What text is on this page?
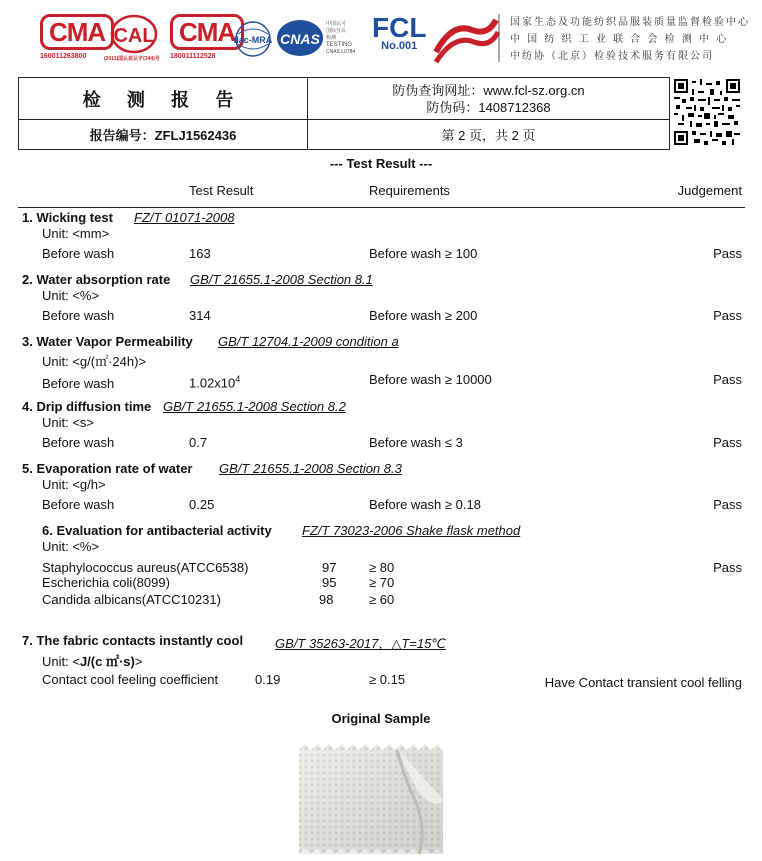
CMA
160011263800
CAL
(2011)国认监认字(344)号
CMA
180011112528
ilac-MRA CNAS
中国认可
国际互认
检测
TESTING
CNAS L0784
FCL
No.001
国家生态及功能纺织品服装质量监督检验中心
中 国 纺 织 工 业 联 合 会 检 测 中 心
中纺协（北京）检验技术服务有限公司
检 测 报 告	防伪查询网址：www.fcl-sz.org.cn
防伪码：1408712368

报告编号：ZFLJ1562436	第 2 页，共 2 页
--- Test Result ---
Test Result	Requirements	Judgement
1. Wicking test FZ/T 01071-2008
Unit: <mm>
Before wash	163	Before wash ≥ 100	Pass
2. Water absorption rate GB/T 21655.1-2008 Section 8.1
Unit: <%>
Before wash	314	Before wash ≥ 200	Pass
3. Water Vapor Permeability GB/T 12704.1-2009 condition a
Unit: <g/(㎡·24h)>
Before wash	$1.02x10^4$	Before wash ≥ 10000	Pass
4. Drip diffusion time GB/T 21655.1-2008 Section 8.2
Unit: <s>
Before wash	0.7	Before wash ≤ 3	Pass
5. Evaporation rate of water GB/T 21655.1-2008 Section 8.3
Unit: <g/h>
Before wash	0.25	Before wash ≥ 0.18	Pass
6. Evaluation for antibacterial activity FZ/T 73023-2006 Shake flask method
Unit: <%>
Staphylococcus aureus(ATCC6538)	97	≥ 80	Pass
Escherichia coli(8099)	95	≥ 70
Candida albicans(ATCC10231)	98	≥ 60
7. The fabric contacts instantly cool GB/T 35263-2017，△T=15℃
Unit: <J/(c ㎡·s)>
Contact cool feeling coefficient	0.19	≥ 0.15	Have Contact transient cool felling
Original Sample
